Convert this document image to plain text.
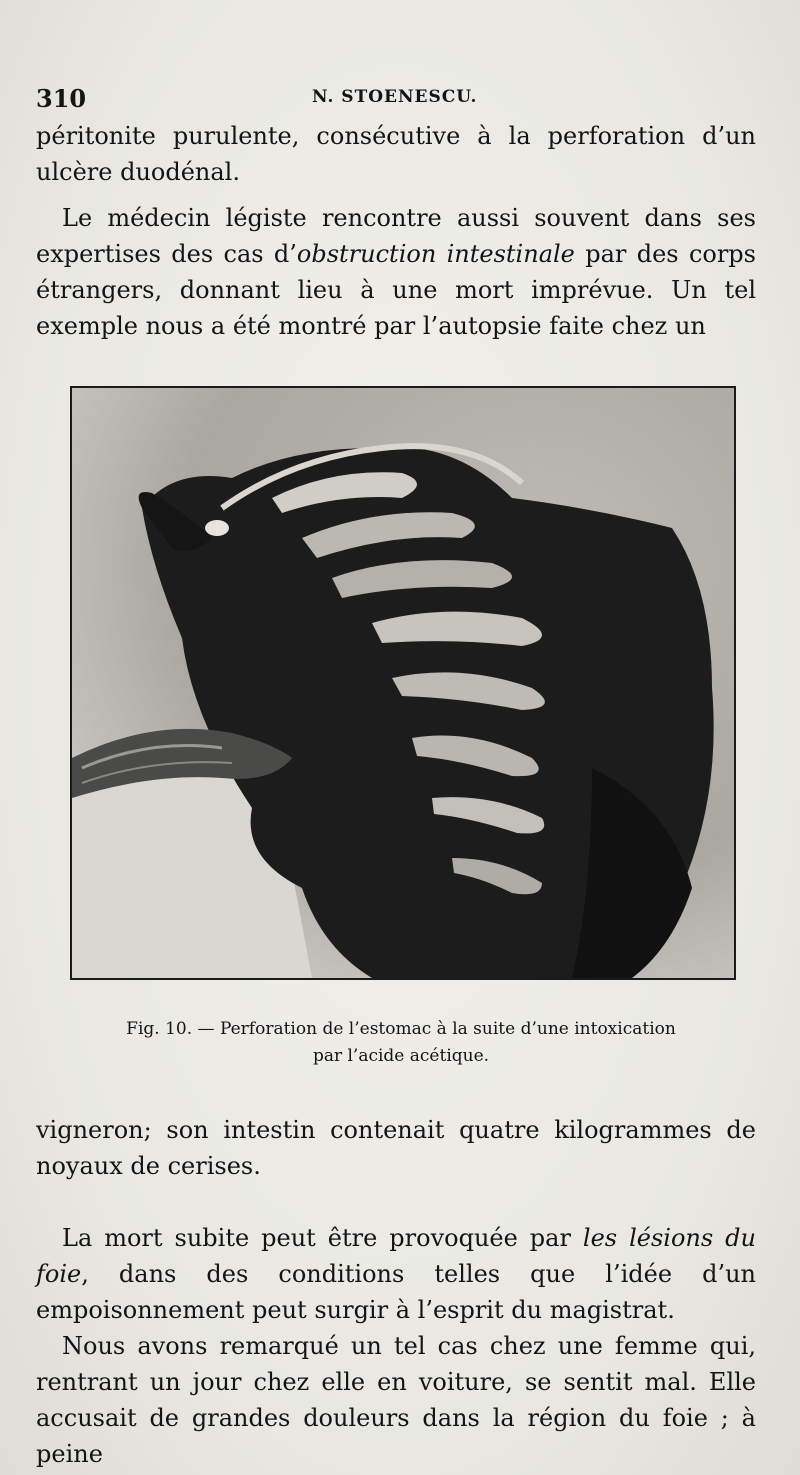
310	N. STOENESCU.

péritonite purulente, consécutive à la perforation d’un ulcère duodénal.

Le médecin légiste rencontre aussi souvent dans ses expertises des cas d’obstruction intestinale par des corps étrangers, donnant lieu à une mort imprévue. Un tel exemple nous a été montré par l’autopsie faite chez un

Fig. 10. — Perforation de l’estomac à la suite d’une intoxication
par l’acide acétique.

vigneron; son intestin contenait quatre kilogrammes de noyaux de cerises.

La mort subite peut être provoquée par les lésions du foie, dans des conditions telles que l’idée d’un empoisonnement peut surgir à l’esprit du magistrat.

Nous avons remarqué un tel cas chez une femme qui, rentrant un jour chez elle en voiture, se sentit mal. Elle accusait de grandes douleurs dans la région du foie ; à peine
